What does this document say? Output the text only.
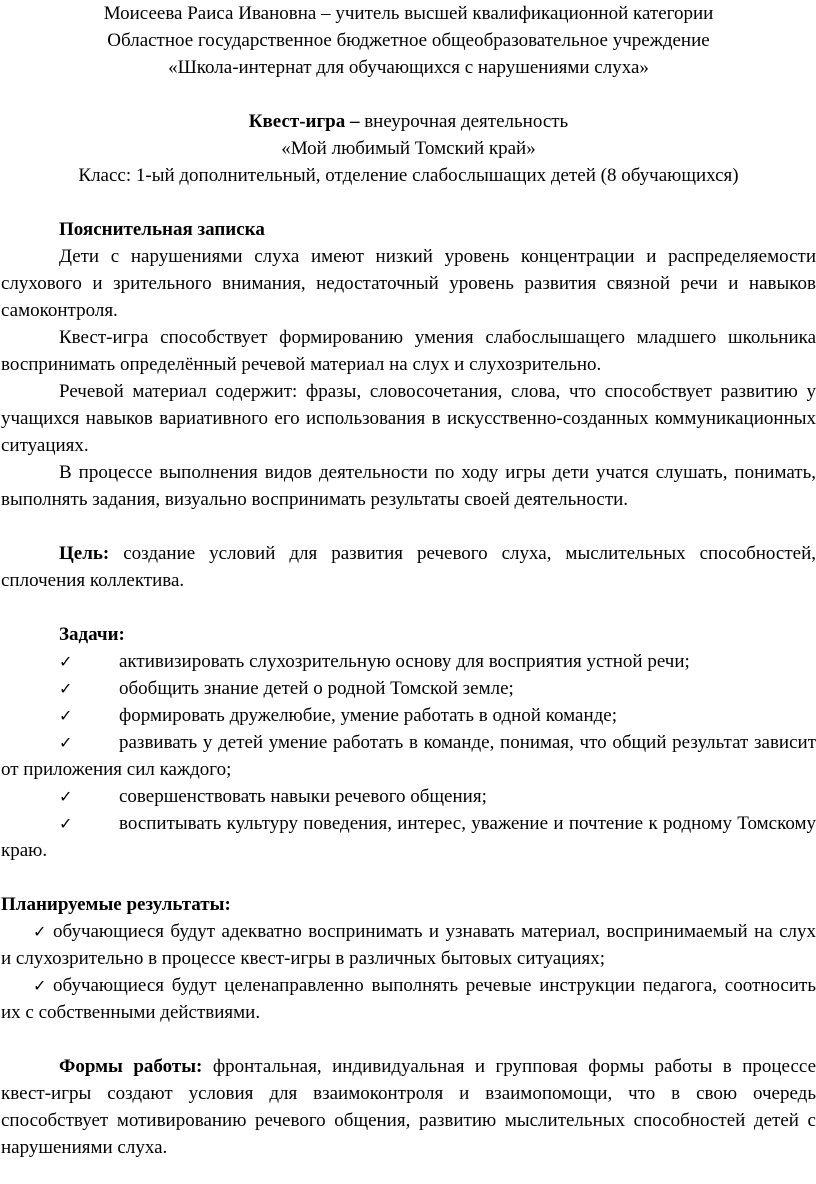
Моисеева Раиса Ивановна – учитель высшей квалификационной категории

Областное государственное бюджетное общеобразовательное учреждение

«Школа-интернат для обучающихся с нарушениями слуха»

Квест-игра – внеурочная деятельность

«Мой любимый Томский край»

Класс: 1-ый дополнительный, отделение слабослышащих детей (8 обучающихся)

Пояснительная записка

Дети с нарушениями слуха имеют низкий уровень концентрации и распределяемости слухового и зрительного внимания, недостаточный уровень развития связной речи и навыков самоконтроля.

Квест-игра способствует формированию умения слабослышащего младшего школьника воспринимать определённый речевой материал на слух и слухозрительно.

Речевой материал содержит: фразы, словосочетания, слова, что способствует развитию у учащихся навыков вариативного его использования в искусственно-созданных коммуникационных ситуациях.

В процессе выполнения видов деятельности по ходу игры дети учатся слушать, понимать, выполнять задания, визуально воспринимать результаты своей деятельности.

Цель: создание условий для развития речевого слуха, мыслительных способностей, сплочения коллектива.

Задачи:

✓ активизировать слухозрительную основу для восприятия устной речи;

✓ обобщить знание детей о родной Томской земле;

✓ формировать дружелюбие, умение работать в одной команде;

✓ развивать у детей умение работать в команде, понимая, что общий результат зависит от приложения сил каждого;

✓ совершенствовать навыки речевого общения;

✓ воспитывать культуру поведения, интерес, уважение и почтение к родному Томскому краю.

Планируемые результаты:

✓ обучающиеся будут адекватно воспринимать и узнавать материал, воспринимаемый на слух и слухозрительно в процессе квест-игры в различных бытовых ситуациях;

✓ обучающиеся будут целенаправленно выполнять речевые инструкции педагога, соотносить их с собственными действиями.

Формы работы: фронтальная, индивидуальная и групповая формы работы в процессе квест-игры создают условия для взаимоконтроля и взаимопомощи, что в свою очередь способствует мотивированию речевого общения, развитию мыслительных способностей детей с нарушениями слуха.
